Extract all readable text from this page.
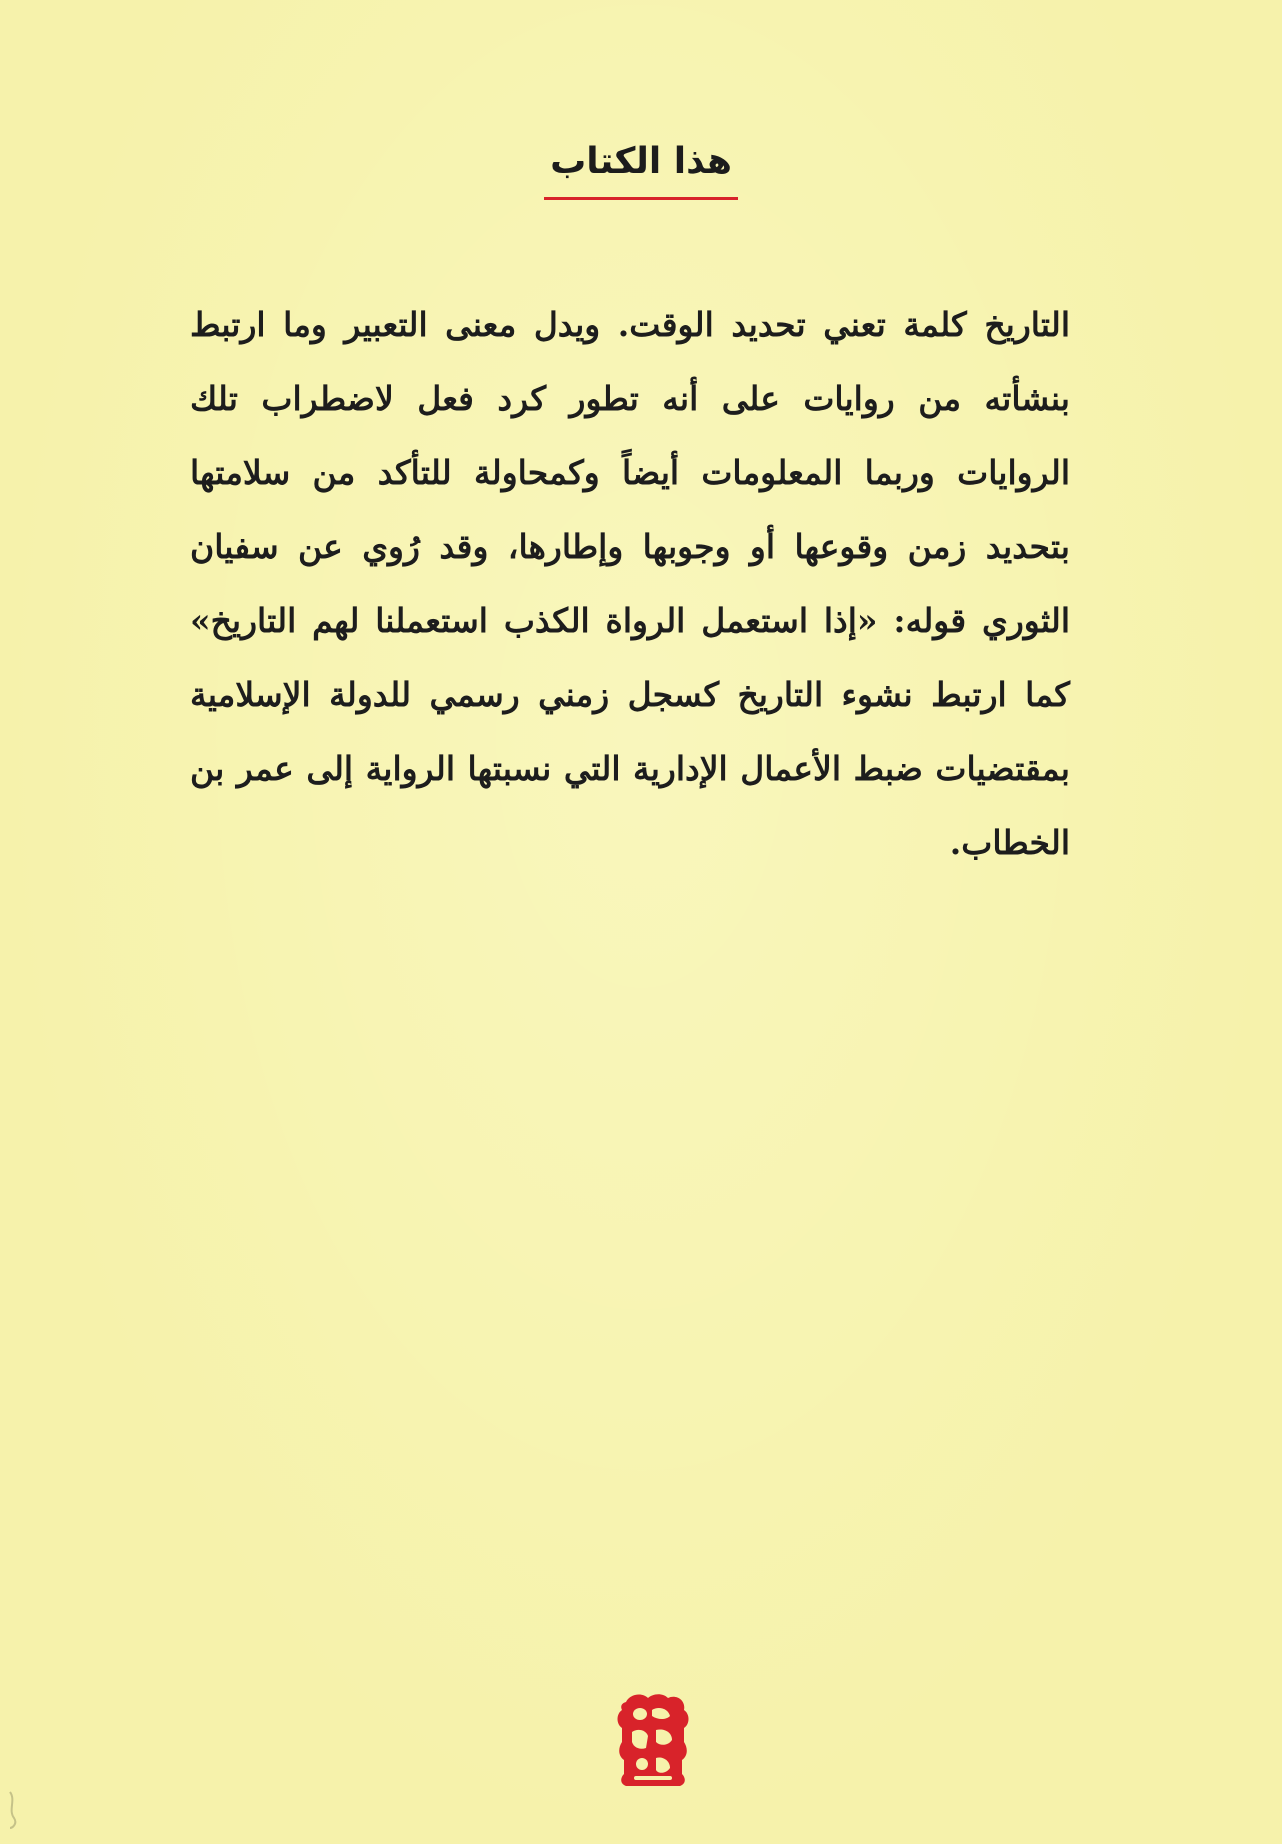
هذا الكتاب

التاريخ كلمة تعني تحديد الوقت. ويدل معنى التعبير وما ارتبط بنشأته من روايات على أنه تطور كرد فعل لاضطراب تلك الروايات وربما المعلومات أيضاً وكمحاولة للتأكد من سلامتها بتحديد زمن وقوعها أو وجوبها وإطارها، وقد رُوي عن سفيان الثوري قوله: «إذا استعمل الرواة الكذب استعملنا لهم التاريخ» كما ارتبط نشوء التاريخ كسجل زمني رسمي للدولة الإسلامية بمقتضيات ضبط الأعمال الإدارية التي نسبتها الرواية إلى عمر بن الخطاب.
